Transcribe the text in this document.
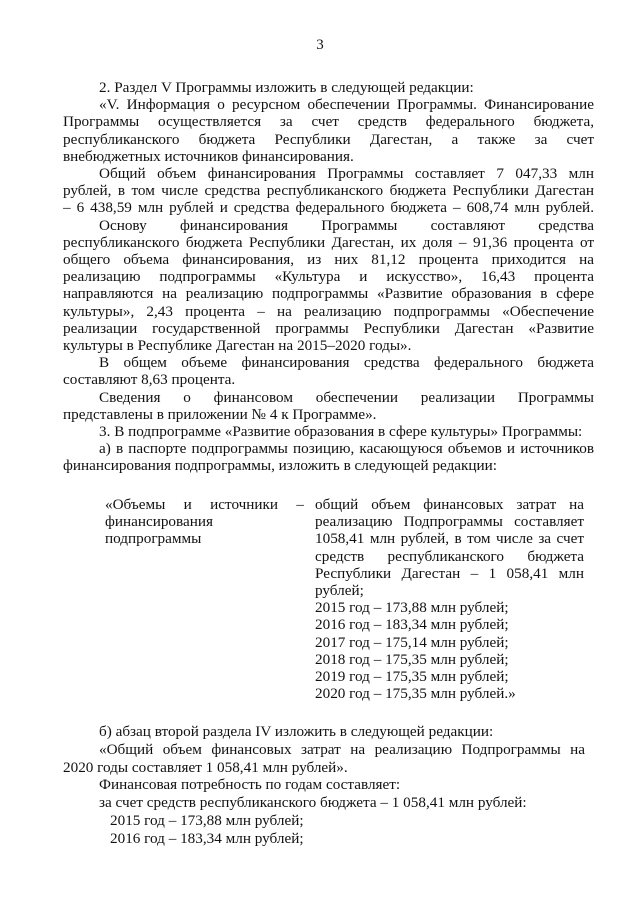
3
2. Раздел V Программы изложить в следующей редакции:
«V. Информация о ресурсном обеспечении Программы. Финансирование
Программы осуществляется за счет средств федерального бюджета,
республиканского бюджета Республики Дагестан, а также за счет
внебюджетных источников финансирования.
Общий объем финансирования Программы составляет 7 047,33 млн
рублей, в том числе средства республиканского бюджета Республики Дагестан
– 6 438,59 млн рублей и средства федерального бюджета – 608,74 млн рублей.
Основу финансирования Программы составляют средства
республиканского бюджета Республики Дагестан, их доля – 91,36 процента от
общего объема финансирования, из них 81,12 процента приходится на
реализацию подпрограммы «Культура и искусство», 16,43 процента
направляются на реализацию подпрограммы «Развитие образования в сфере
культуры», 2,43 процента – на реализацию подпрограммы «Обеспечение
реализации государственной программы Республики Дагестан «Развитие
культуры в Республике Дагестан на 2015–2020 годы».
В общем объеме финансирования средства федерального бюджета
составляют 8,63 процента.
Сведения о финансовом обеспечении реализации Программы
представлены в приложении № 4 к Программе».
3. В подпрограмме «Развитие образования в сфере культуры» Программы:
а) в паспорте подпрограммы позицию, касающуюся объемов и источников
финансирования подпрограммы, изложить в следующей редакции:
«Объемы и источники –
финансирования
подпрограммы
общий объем финансовых затрат на
реализацию Подпрограммы составляет
1058,41 млн рублей, в том числе за счет
средств республиканского бюджета
Республики Дагестан – 1 058,41 млн
рублей;
2015 год – 173,88 млн рублей;
2016 год – 183,34 млн рублей;
2017 год – 175,14 млн рублей;
2018 год – 175,35 млн рублей;
2019 год – 175,35 млн рублей;
2020 год – 175,35 млн рублей.»
б) абзац второй раздела IV изложить в следующей редакции:
«Общий объем финансовых затрат на реализацию Подпрограммы на
2020 годы составляет 1 058,41 млн рублей».
Финансовая потребность по годам составляет:
за счет средств республиканского бюджета – 1 058,41 млн рублей:
2015 год – 173,88 млн рублей;
2016 год – 183,34 млн рублей;
